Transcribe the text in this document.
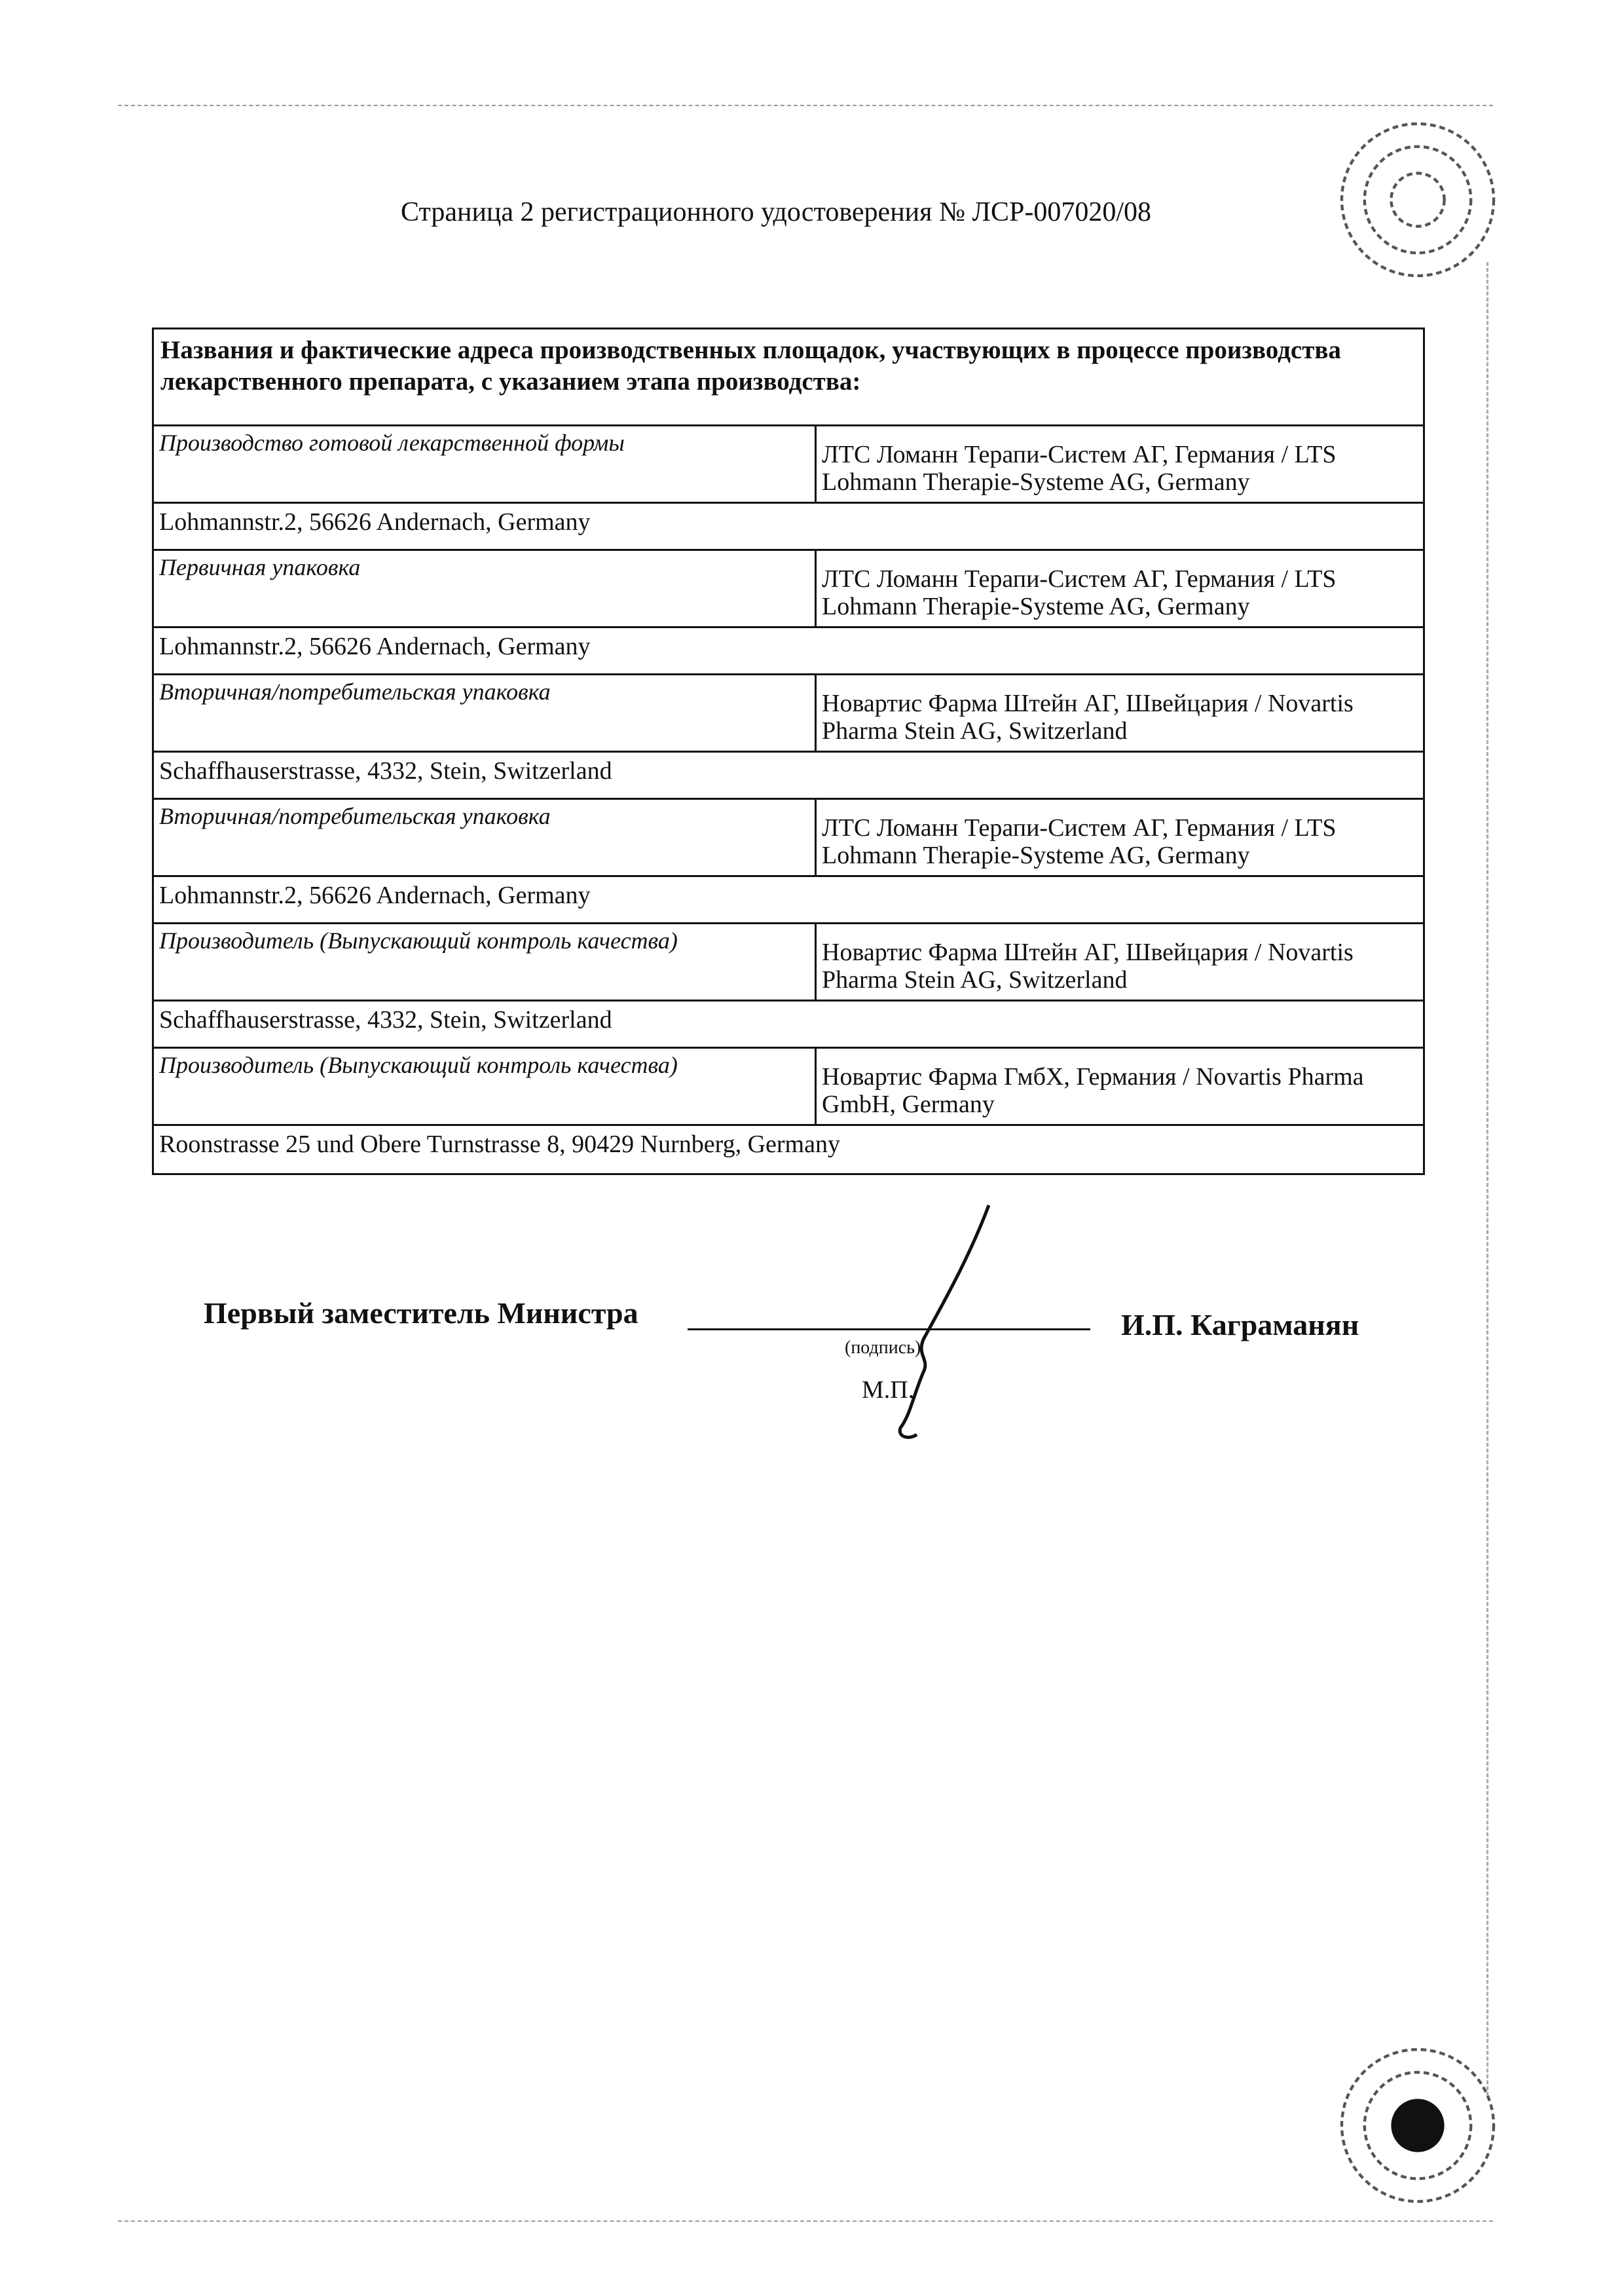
Страница 2 регистрационного удостоверения № ЛСР-007020/08
Названия и фактические адреса производственных площадок, участвующих в процессе производства лекарственного препарата, с указанием этапа производства:
Производство готовой лекарственной формы	ЛТС Ломанн Терапи-Систем АГ, Германия / LTS Lohmann Therapie-Systeme AG, Germany
Lohmannstr.2, 56626 Andernach, Germany
Первичная упаковка	ЛТС Ломанн Терапи-Систем АГ, Германия / LTS Lohmann Therapie-Systeme AG, Germany
Lohmannstr.2, 56626 Andernach, Germany
Вторичная/потребительская упаковка	Новартис Фарма Штейн АГ, Швейцария / Novartis Pharma Stein AG, Switzerland
Schaffhauserstrasse, 4332, Stein, Switzerland
Вторичная/потребительская упаковка	ЛТС Ломанн Терапи-Систем АГ, Германия / LTS Lohmann Therapie-Systeme AG, Germany
Lohmannstr.2, 56626 Andernach, Germany
Производитель (Выпускающий контроль качества)	Новартис Фарма Штейн АГ, Швейцария / Novartis Pharma Stein AG, Switzerland
Schaffhauserstrasse, 4332, Stein, Switzerland
Производитель (Выпускающий контроль качества)	Новартис Фарма ГмбХ, Германия / Novartis Pharma GmbH, Germany
Roonstrasse 25 und Obere Turnstrasse 8, 90429 Nurnberg, Germany
Первый заместитель Министра
(подпись)
М.П.
И.П. Каграманян
